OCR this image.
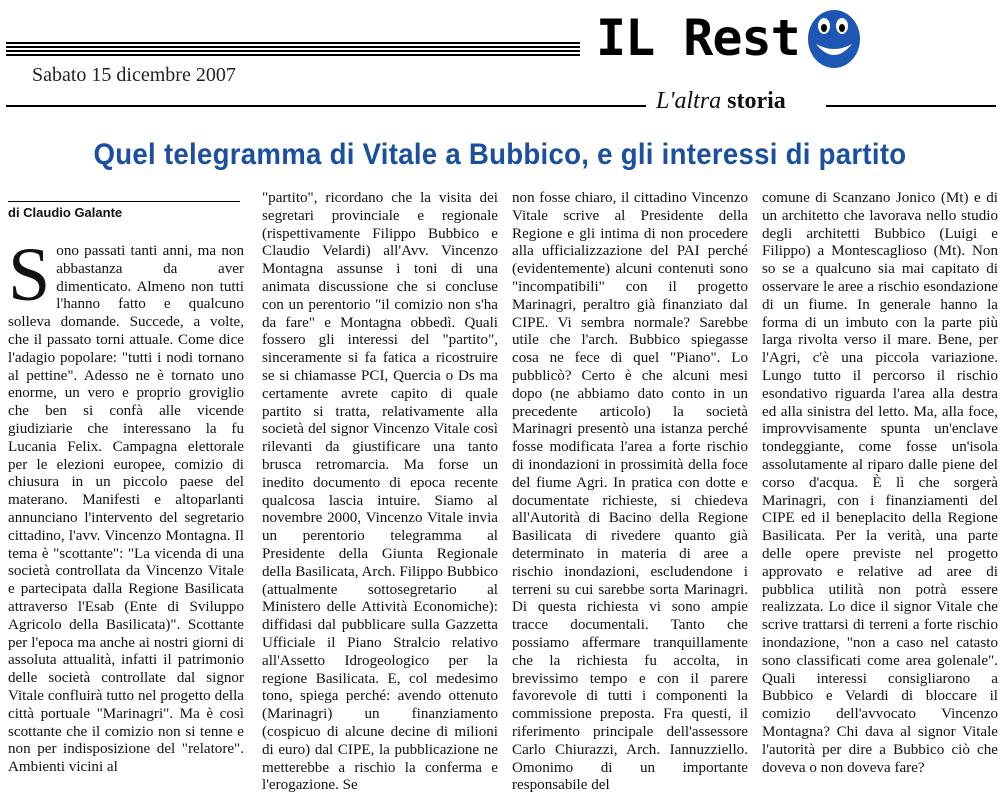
IL Rest
Sabato 15 dicembre 2007
L'altra storia
Quel telegramma di Vitale a Bubbico, e gli interessi di partito
di Claudio Galante
S ono passati tanti anni, ma non abbastanza da aver dimenticato. Almeno non tutti l'hanno fatto e qualcuno solleva domande. Succede, a volte, che il passato torni attuale. Come dice l'adagio popolare: "tutti i nodi tornano al pettine". Adesso ne è tornato uno enorme, un vero e proprio groviglio che ben si confà alle vicende giudiziarie che interessano la fu Lucania Felix. Campagna elettorale per le elezioni europee, comizio di chiusura in un piccolo paese del materano. Manifesti e altoparlanti annunciano l'intervento del segretario cittadino, l'avv. Vincenzo Montagna. Il tema è "scottante": "La vicenda di una società controllata da Vincenzo Vitale e partecipata dalla Regione Basilicata attraverso l'Esab (Ente di Sviluppo Agricolo della Basilicata)". Scottante per l'epoca ma anche ai nostri giorni di assoluta attualità, infatti il patrimonio delle società controllate dal signor Vitale confluirà tutto nel progetto della città portuale "Marinagri". Ma è così scottante che il comizio non si tenne e non per indisposizione del "relatore". Ambienti vicini al

"partito", ricordano che la visita dei segretari provinciale e regionale (rispettivamente Filippo Bubbico e Claudio Velardi) all'Avv. Vincenzo Montagna assunse i toni di una animata discussione che si concluse con un perentorio "il comizio non s'ha da fare" e Montagna obbedì. Quali fossero gli interessi del "partito", sinceramente si fa fatica a ricostruire se si chiamasse PCI, Quercia o Ds ma certamente avrete capito di quale partito si tratta, relativamente alla società del signor Vincenzo Vitale così rilevanti da giustificare una tanto brusca retromarcia. Ma forse un inedito documento di epoca recente qualcosa lascia intuire. Siamo al novembre 2000, Vincenzo Vitale invia un perentorio telegramma al Presidente della Giunta Regionale della Basilicata, Arch. Filippo Bubbico (attualmente sottosegretario al Ministero delle Attività Economiche): diffidasi dal pubblicare sulla Gazzetta Ufficiale il Piano Stralcio relativo all'Assetto Idrogeologico per la regione Basilicata. E, col medesimo tono, spiega perché: avendo ottenuto (Marinagri) un finanziamento (cospicuo di alcune decine di milioni di euro) dal CIPE, la pubblicazione ne metterebbe a rischio la conferma e l'erogazione. Se

non fosse chiaro, il cittadino Vincenzo Vitale scrive al Presidente della Regione e gli intima di non procedere alla ufficializzazione del PAI perché (evidentemente) alcuni contenuti sono "incompatibili" con il progetto Marinagri, peraltro già finanziato dal CIPE. Vi sembra normale? Sarebbe utile che l'arch. Bubbico spiegasse cosa ne fece di quel "Piano". Lo pubblicò? Certo è che alcuni mesi dopo (ne abbiamo dato conto in un precedente articolo) la società Marinagri presentò una istanza perché fosse modificata l'area a forte rischio di inondazioni in prossimità della foce del fiume Agri. In pratica con dotte e documentate richieste, si chiedeva all'Autorità di Bacino della Regione Basilicata di rivedere quanto già determinato in materia di aree a rischio inondazioni, escludendone i terreni su cui sarebbe sorta Marinagri. Di questa richiesta vi sono ampie tracce documentali. Tanto che possiamo affermare tranquillamente che la richiesta fu accolta, in brevissimo tempo e con il parere favorevole di tutti i componenti la commissione preposta. Fra questi, il riferimento principale dell'assessore Carlo Chiurazzi, Arch. Iannuzziello. Omonimo di un importante responsabile del

comune di Scanzano Jonico (Mt) e di un architetto che lavorava nello studio degli architetti Bubbico (Luigi e Filippo) a Montescaglioso (Mt). Non so se a qualcuno sia mai capitato di osservare le aree a rischio esondazione di un fiume. In generale hanno la forma di un imbuto con la parte più larga rivolta verso il mare. Bene, per l'Agri, c'è una piccola variazione. Lungo tutto il percorso il rischio esondativo riguarda l'area alla destra ed alla sinistra del letto. Ma, alla foce, improvvisamente spunta un'enclave tondeggiante, come fosse un'isola assolutamente al riparo dalle piene del corso d'acqua. È lì che sorgerà Marinagri, con i finanziamenti del CIPE ed il beneplacito della Regione Basilicata. Per la verità, una parte delle opere previste nel progetto approvato e relative ad aree di pubblica utilità non potrà essere realizzata. Lo dice il signor Vitale che scrive trattarsi di terreni a forte rischio inondazione, "non a caso nel catasto sono classificati come area golenale". Quali interessi consigliarono a Bubbico e Velardi di bloccare il comizio dell'avvocato Vincenzo Montagna? Chi dava al signor Vitale l'autorità per dire a Bubbico ciò che doveva o non doveva fare?
